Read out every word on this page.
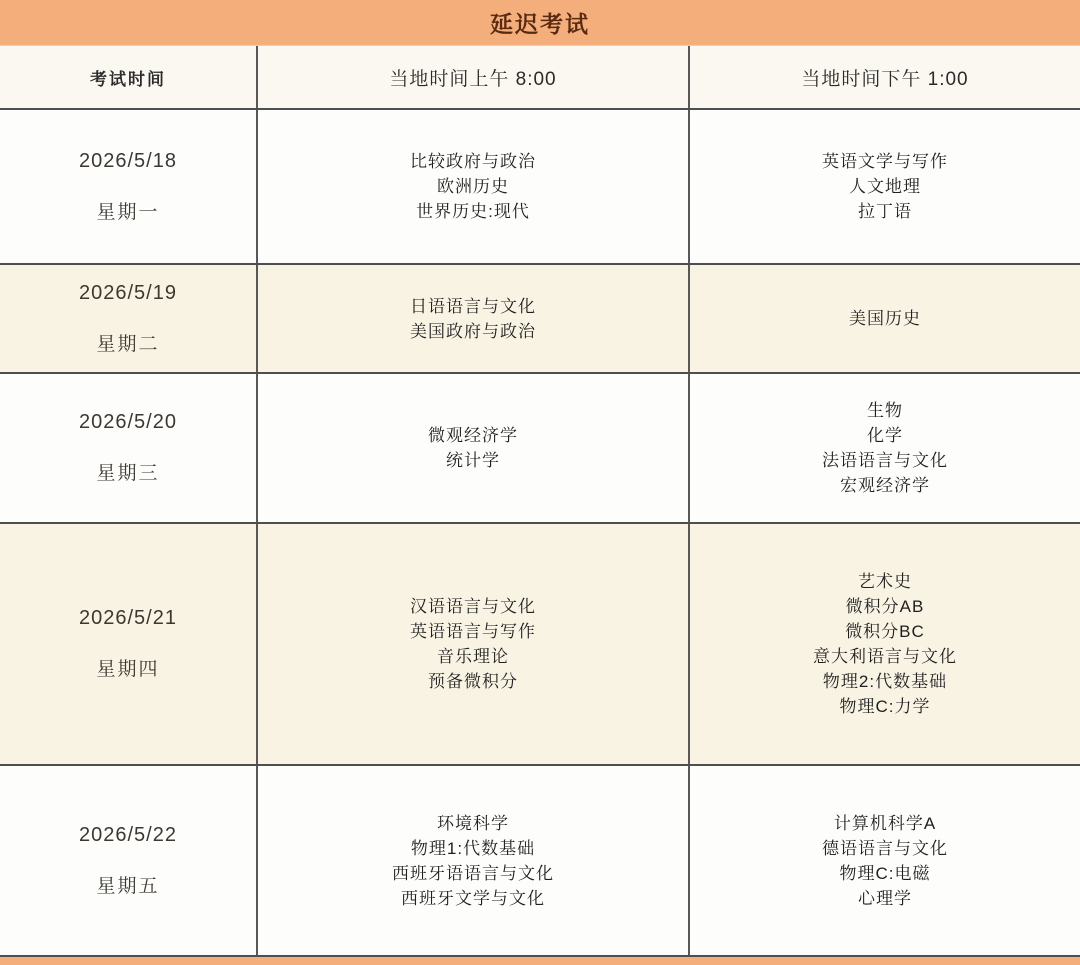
延迟考试
考试时间	当地时间上午 8:00	当地时间下午 1:00
2026/5/18
星期一
比较政府与政治
欧洲历史
世界历史:现代
英语文学与写作
人文地理
拉丁语
2026/5/19
星期二
日语语言与文化
美国政府与政治
美国历史
2026/5/20
星期三
微观经济学
统计学
生物
化学
法语语言与文化
宏观经济学
2026/5/21
星期四
汉语语言与文化
英语语言与写作
音乐理论
预备微积分
艺术史
微积分AB
微积分BC
意大利语言与文化
物理2:代数基础
物理C:力学
2026/5/22
星期五
环境科学
物理1:代数基础
西班牙语语言与文化
西班牙文学与文化
计算机科学A
德语语言与文化
物理C:电磁
心理学
